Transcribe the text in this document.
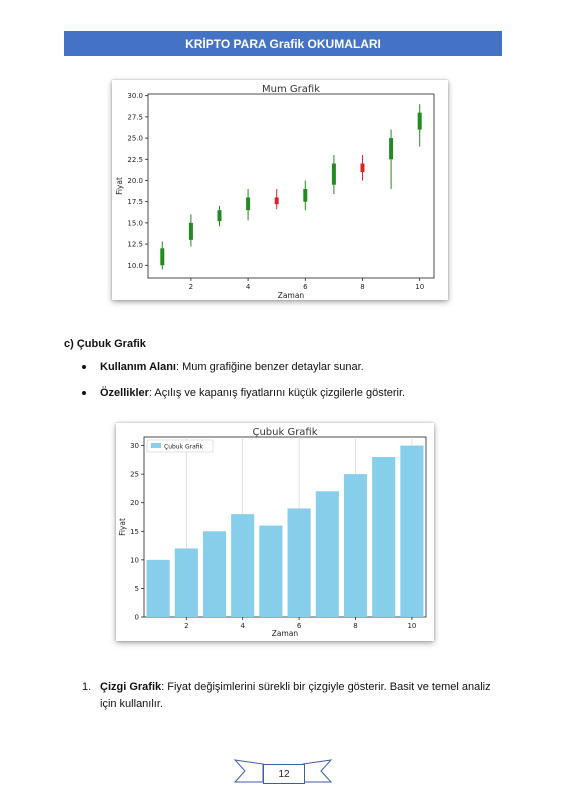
KRİPTO PARA Grafik OKUMALARI
Mum Grafik
10.0
12.5
15.0
17.5
20.0
22.5
25.0
27.5
30.0
2	4	6	8	10
Zaman
Fiyat
c) Çubuk Grafik
Kullanım Alanı: Mum grafiğine benzer detaylar sunar.
Özellikler: Açılış ve kapanış fiyatlarını küçük çizgilerle gösterir.
Çubuk Grafik
0
5
10
15
20
25
30
2	4	6	8	10
Çubuk Grafik
Zaman
Fiyat
1. Çizgi Grafik: Fiyat değişimlerini sürekli bir çizgiyle gösterir. Basit ve temel analiz için kullanılır.
12
